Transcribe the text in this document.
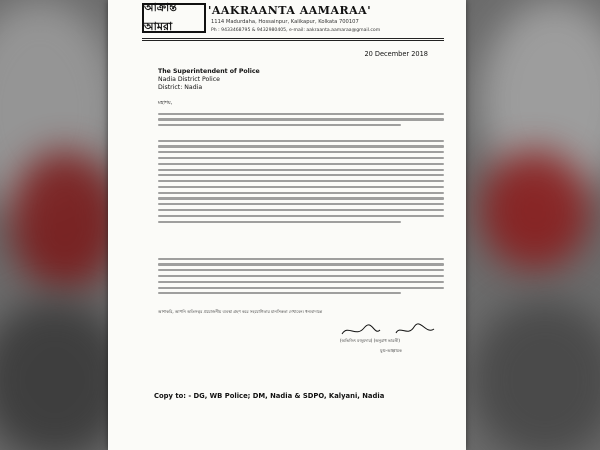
আক্রান্ত আমরা
'AAKRAANTA AAMARAA'
1114 Madurdaha, Hossainpur, Kalikapur, Kolkata 700107
Ph : 9433468795 & 9432980405, e-mail: aakraanta.aamaraa@gmail.com
20 December 2018
The Superintendent of Police
Nadia District Police
District: Nadia
মহাশয়,
আশাকরি, আপনি অতিসত্বর প্রয়োজনীয় ব্যবস্থা গ্রহণ করে সহযোগিতার মানসিকতা দেখাবেন। ধন্যবাদান্তে
(অভিজিৎ মজুমদার) (অনুরাধ ভারতী)
যুগ্ম-আহ্বায়ক
Copy to: - DG, WB Police; DM, Nadia & SDPO, Kalyani, Nadia
